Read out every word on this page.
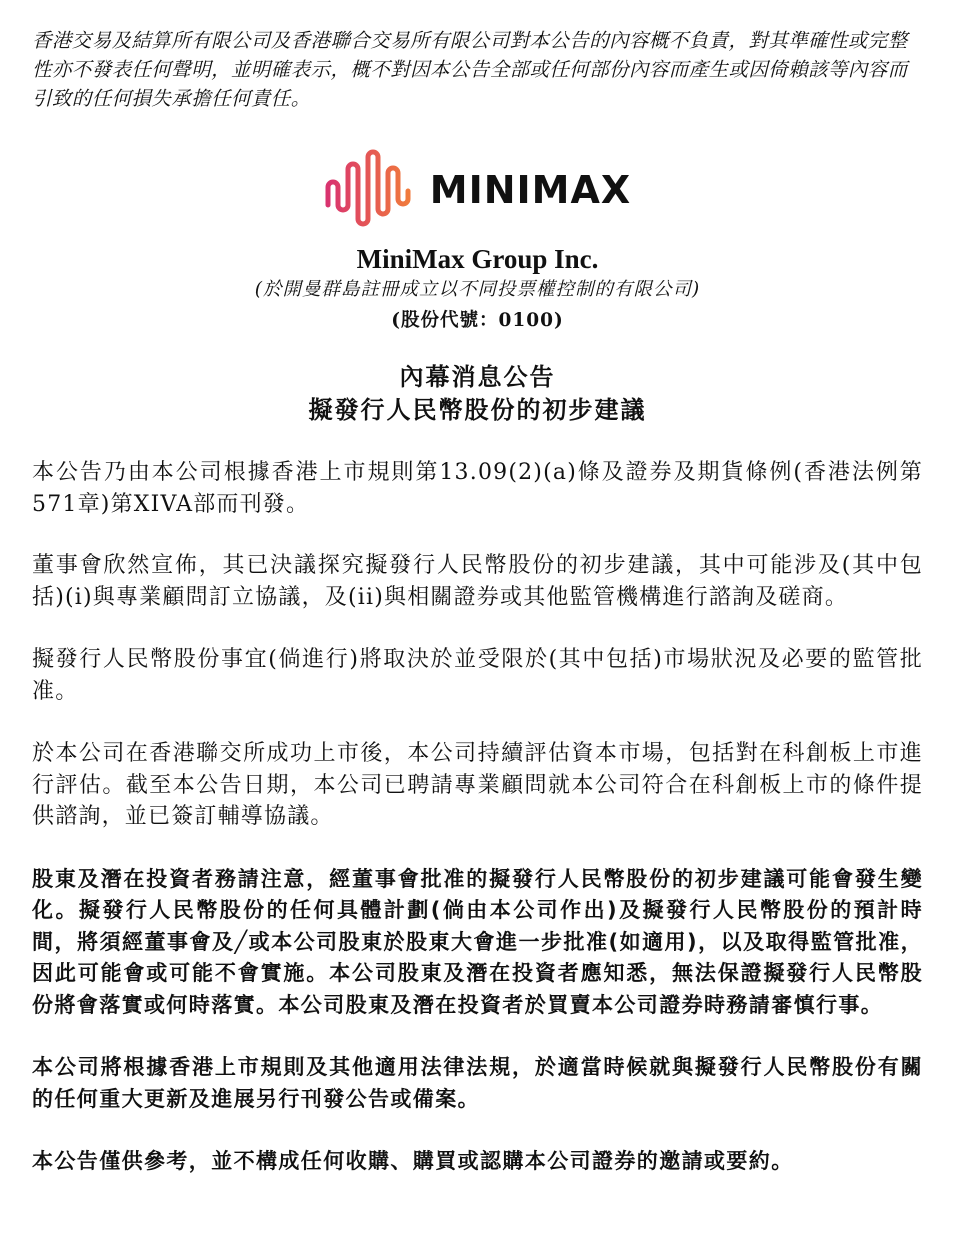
香港交易及結算所有限公司及香港聯合交易所有限公司對本公告的內容概不負責，對其準確性或完整性亦不發表任何聲明，並明確表示，概不對因本公告全部或任何部份內容而產生或因倚賴該等內容而引致的任何損失承擔任何責任。

MINIMAX
MiniMax Group Inc.
(於開曼群島註冊成立以不同投票權控制的有限公司)
(股份代號：0100)
內幕消息公告
擬發行人民幣股份的初步建議

本公告乃由本公司根據香港上市規則第13.09(2)(a)條及證券及期貨條例(香港法例第571章)第XIVA部而刊發。

董事會欣然宣佈，其已決議探究擬發行人民幣股份的初步建議，其中可能涉及(其中包括)(i)與專業顧問訂立協議，及(ii)與相關證券或其他監管機構進行諮詢及磋商。

擬發行人民幣股份事宜(倘進行)將取決於並受限於(其中包括)市場狀況及必要的監管批准。

於本公司在香港聯交所成功上市後，本公司持續評估資本市場，包括對在科創板上市進行評估。截至本公告日期，本公司已聘請專業顧問就本公司符合在科創板上市的條件提供諮詢，並已簽訂輔導協議。

股東及潛在投資者務請注意，經董事會批准的擬發行人民幣股份的初步建議可能會發生變化。擬發行人民幣股份的任何具體計劃(倘由本公司作出)及擬發行人民幣股份的預計時間，將須經董事會及╱或本公司股東於股東大會進一步批准(如適用)，以及取得監管批准，因此可能會或可能不會實施。本公司股東及潛在投資者應知悉，無法保證擬發行人民幣股份將會落實或何時落實。本公司股東及潛在投資者於買賣本公司證券時務請審慎行事。

本公司將根據香港上市規則及其他適用法律法規，於適當時候就與擬發行人民幣股份有關的任何重大更新及進展另行刊發公告或備案。

本公告僅供參考，並不構成任何收購、購買或認購本公司證券的邀請或要約。
